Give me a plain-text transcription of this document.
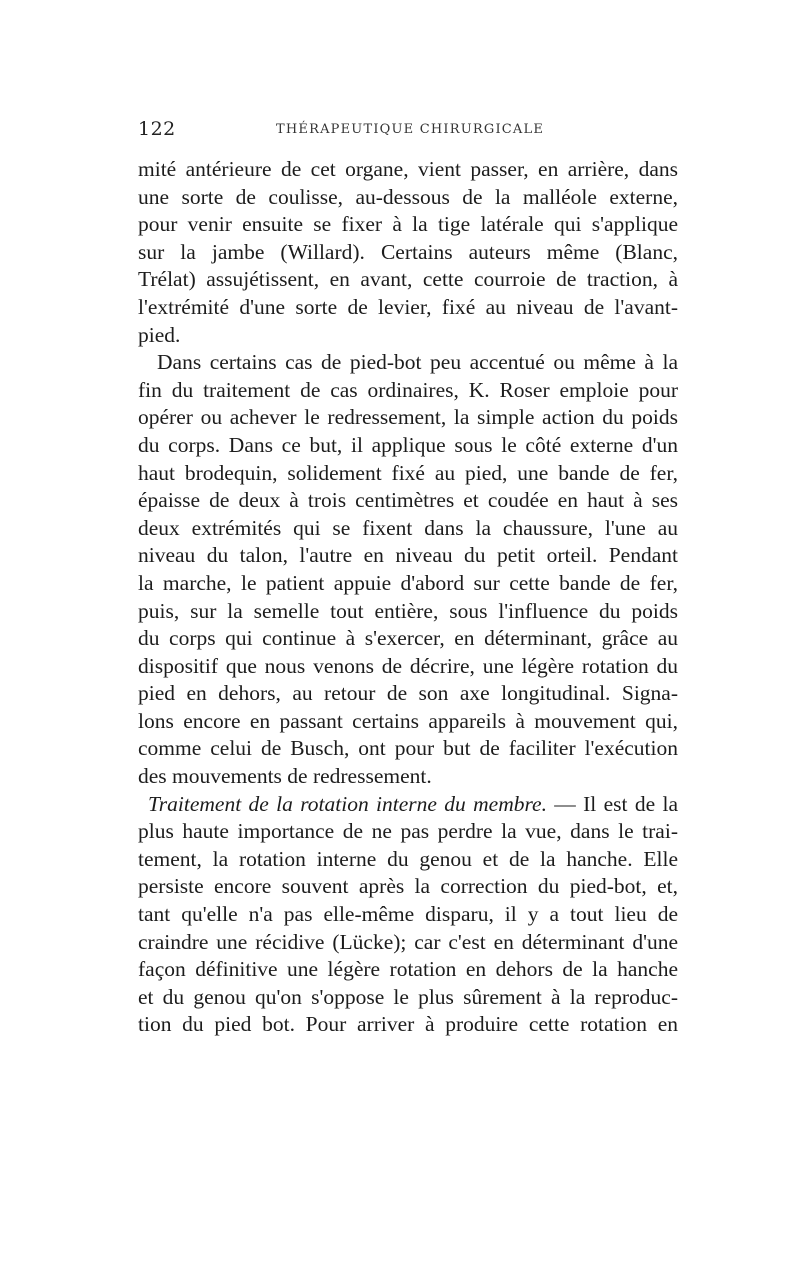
122	THÉRAPEUTIQUE CHIRURGICALE
mité antérieure de cet organe, vient passer, en arrière, dans
une sorte de coulisse, au-dessous de la malléole externe,
pour venir ensuite se fixer à la tige latérale qui s'applique
sur la jambe (Willard). Certains auteurs même (Blanc,
Trélat) assujétissent, en avant, cette courroie de traction, à
l'extrémité d'une sorte de levier, fixé au niveau de l'avant-
pied.
Dans certains cas de pied-bot peu accentué ou même à la
fin du traitement de cas ordinaires, K. Roser emploie pour
opérer ou achever le redressement, la simple action du poids
du corps. Dans ce but, il applique sous le côté externe d'un
haut brodequin, solidement fixé au pied, une bande de fer,
épaisse de deux à trois centimètres et coudée en haut à ses
deux extrémités qui se fixent dans la chaussure, l'une au
niveau du talon, l'autre en niveau du petit orteil. Pendant
la marche, le patient appuie d'abord sur cette bande de fer,
puis, sur la semelle tout entière, sous l'influence du poids
du corps qui continue à s'exercer, en déterminant, grâce au
dispositif que nous venons de décrire, une légère rotation du
pied en dehors, au retour de son axe longitudinal. Signa-
lons encore en passant certains appareils à mouvement qui,
comme celui de Busch, ont pour but de faciliter l'exécution
des mouvements de redressement.
Traitement de la rotation interne du membre. — Il est de la
plus haute importance de ne pas perdre la vue, dans le trai-
tement, la rotation interne du genou et de la hanche. Elle
persiste encore souvent après la correction du pied-bot, et,
tant qu'elle n'a pas elle-même disparu, il y a tout lieu de
craindre une récidive (Lücke); car c'est en déterminant d'une
façon définitive une légère rotation en dehors de la hanche
et du genou qu'on s'oppose le plus sûrement à la reproduc-
tion du pied bot. Pour arriver à produire cette rotation en
